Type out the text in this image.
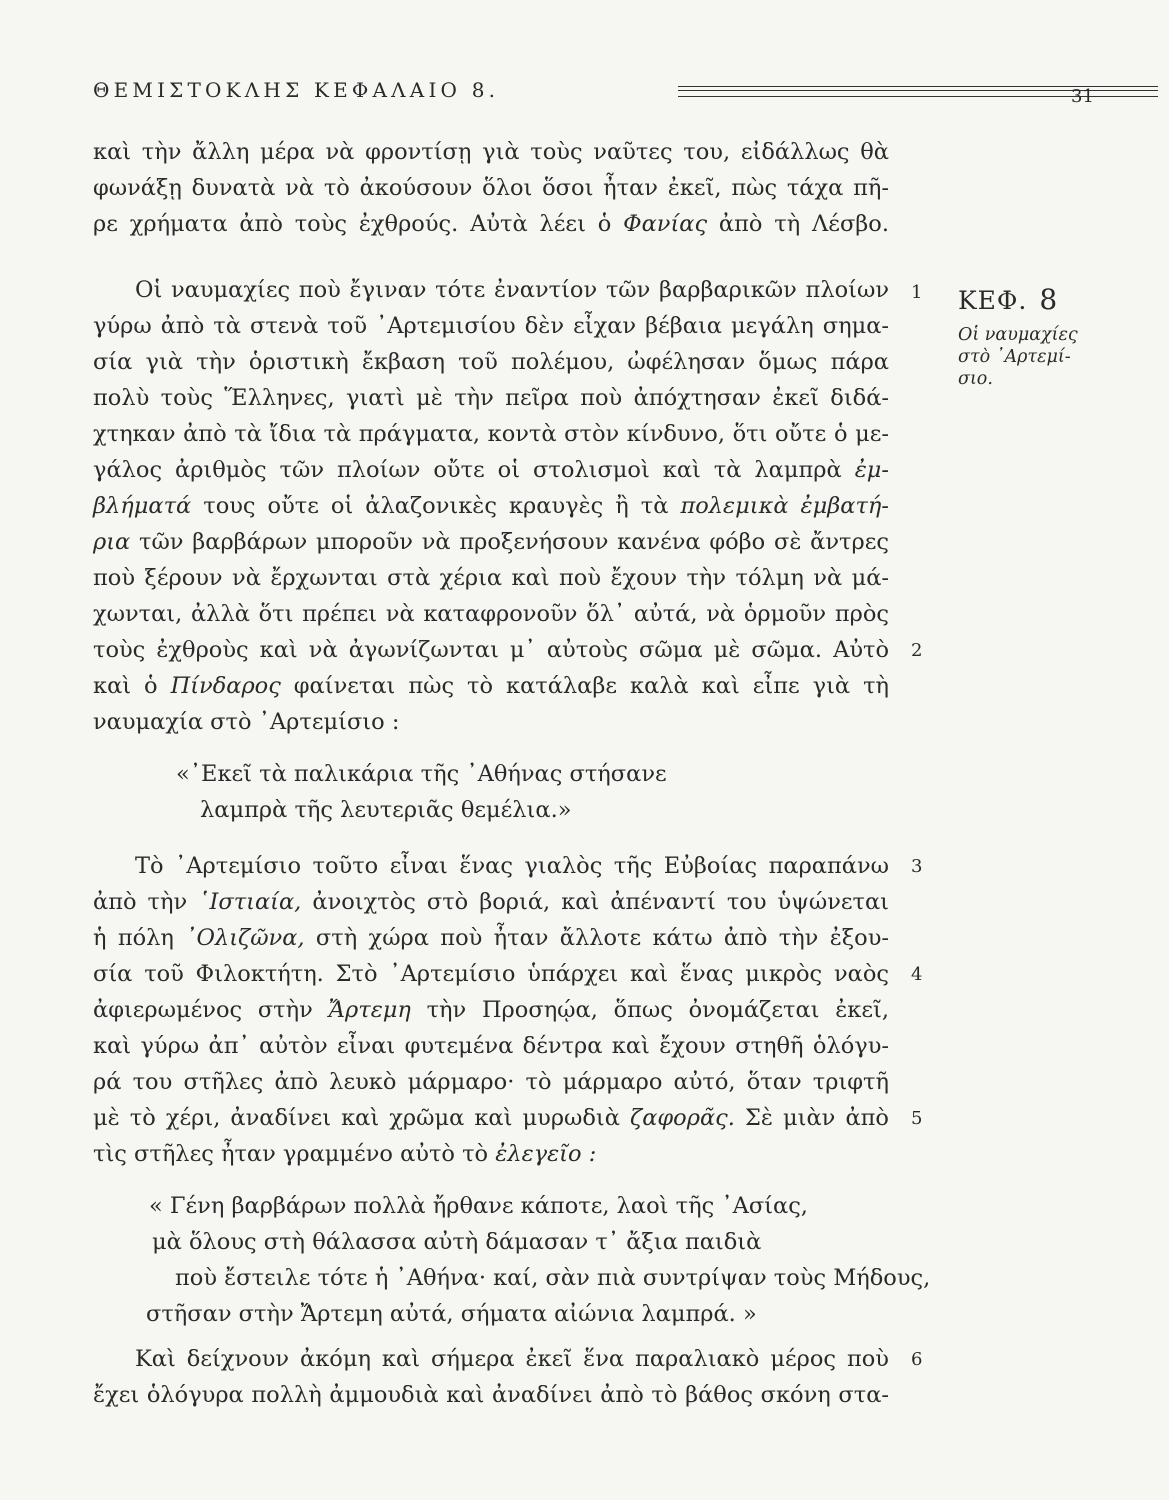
ΘΕΜΙΣΤΟΚΛΗΣ ΚΕΦΑΛΑΙΟ 8.	31
καὶ τὴν ἄλλη μέρα νὰ φροντίσῃ γιὰ τοὺς ναῦτες του, εἰδάλλως θὰ
φωνάξῃ δυνατὰ νὰ τὸ ἀκούσουν ὅλοι ὅσοι ἦταν ἐκεῖ, πὼς τάχα πῆ-
ρε χρήματα ἀπὸ τοὺς ἐχθρούς. Αὐτὰ λέει ὁ Φανίας ἀπὸ τὴ Λέσβο.
Οἱ ναυμαχίες ποὺ ἔγιναν τότε ἐναντίον τῶν βαρβαρικῶν πλοίων
γύρω ἀπὸ τὰ στενὰ τοῦ ᾿Αρτεμισίου δὲν εἶχαν βέβαια μεγάλη σημα-
σία γιὰ τὴν ὁριστικὴ ἔκβαση τοῦ πολέμου, ὠφέλησαν ὅμως πάρα
πολὺ τοὺς Ἕλληνες, γιατὶ μὲ τὴν πεῖρα ποὺ ἀπόχτησαν ἐκεῖ διδά-
χτηκαν ἀπὸ τὰ ἴδια τὰ πράγματα, κοντὰ στὸν κίνδυνο, ὅτι οὔτε ὁ με-
γάλος ἀριθμὸς τῶν πλοίων οὔτε οἱ στολισμοὶ καὶ τὰ λαμπρὰ ἐμ-
βλήματά τους οὔτε οἱ ἀλαζονικὲς κραυγὲς ἢ τὰ πολεμικὰ ἐμβατή-
ρια τῶν βαρβάρων μποροῦν νὰ προξενήσουν κανένα φόβο σὲ ἄντρες
ποὺ ξέρουν νὰ ἔρχωνται στὰ χέρια καὶ ποὺ ἔχουν τὴν τόλμη νὰ μά-
χωνται, ἀλλὰ ὅτι πρέπει νὰ καταφρονοῦν ὅλ᾿ αὐτά, νὰ ὁρμοῦν πρὸς
τοὺς ἐχθροὺς καὶ νὰ ἀγωνίζωνται μ᾿ αὐτοὺς σῶμα μὲ σῶμα. Αὐτὸ
καὶ ὁ Πίνδαρος φαίνεται πὼς τὸ κατάλαβε καλὰ καὶ εἶπε γιὰ τὴ
ναυμαχία στὸ ᾿Αρτεμίσιο :
«᾿Εκεῖ τὰ παλικάρια τῆς ᾿Αθήνας στήσανε
λαμπρὰ τῆς λευτεριᾶς θεμέλια.»
Τὸ ᾿Αρτεμίσιο τοῦτο εἶναι ἕνας γιαλὸς τῆς Εὐβοίας παραπάνω
ἀπὸ τὴν ῾Ιστιαία, ἀνοιχτὸς στὸ βοριά, καὶ ἀπέναντί του ὑψώνεται
ἡ πόλη ᾿Ολιζῶνα, στὴ χώρα ποὺ ἦταν ἄλλοτε κάτω ἀπὸ τὴν ἐξου-
σία τοῦ Φιλοκτήτη. Στὸ ᾿Αρτεμίσιο ὑπάρχει καὶ ἕνας μικρὸς ναὸς
ἀφιερωμένος στὴν Ἄρτεμη τὴν Προσηῴα, ὅπως ὀνομάζεται ἐκεῖ,
καὶ γύρω ἀπ᾿ αὐτὸν εἶναι φυτεμένα δέντρα καὶ ἔχουν στηθῆ ὁλόγυ-
ρά του στῆλες ἀπὸ λευκὸ μάρμαρο· τὸ μάρμαρο αὐτό, ὅταν τριφτῆ
μὲ τὸ χέρι, ἀναδίνει καὶ χρῶμα καὶ μυρωδιὰ ζαφορᾶς. Σὲ μιὰν ἀπὸ
τὶς στῆλες ἦταν γραμμένο αὐτὸ τὸ ἐλεγεῖο :
« Γένη βαρβάρων πολλὰ ἤρθανε κάποτε, λαοὶ τῆς ᾿Ασίας,
μὰ ὅλους στὴ θάλασσα αὐτὴ δάμασαν τ᾿ ἄξια παιδιὰ
ποὺ ἔστειλε τότε ἡ ᾿Αθήνα· καί, σὰν πιὰ συντρίψαν τοὺς Μήδους,
στῆσαν στὴν Ἄρτεμη αὐτά, σήματα αἰώνια λαμπρά. »
Καὶ δείχνουν ἀκόμη καὶ σήμερα ἐκεῖ ἕνα παραλιακὸ μέρος ποὺ
ἔχει ὁλόγυρα πολλὴ ἀμμουδιὰ καὶ ἀναδίνει ἀπὸ τὸ βάθος σκόνη στα-
1
2
3
4
5
6
ΚΕΦ. 8
Οἱ ναυμαχίες
στὸ ᾿Αρτεμί-
σιο.
